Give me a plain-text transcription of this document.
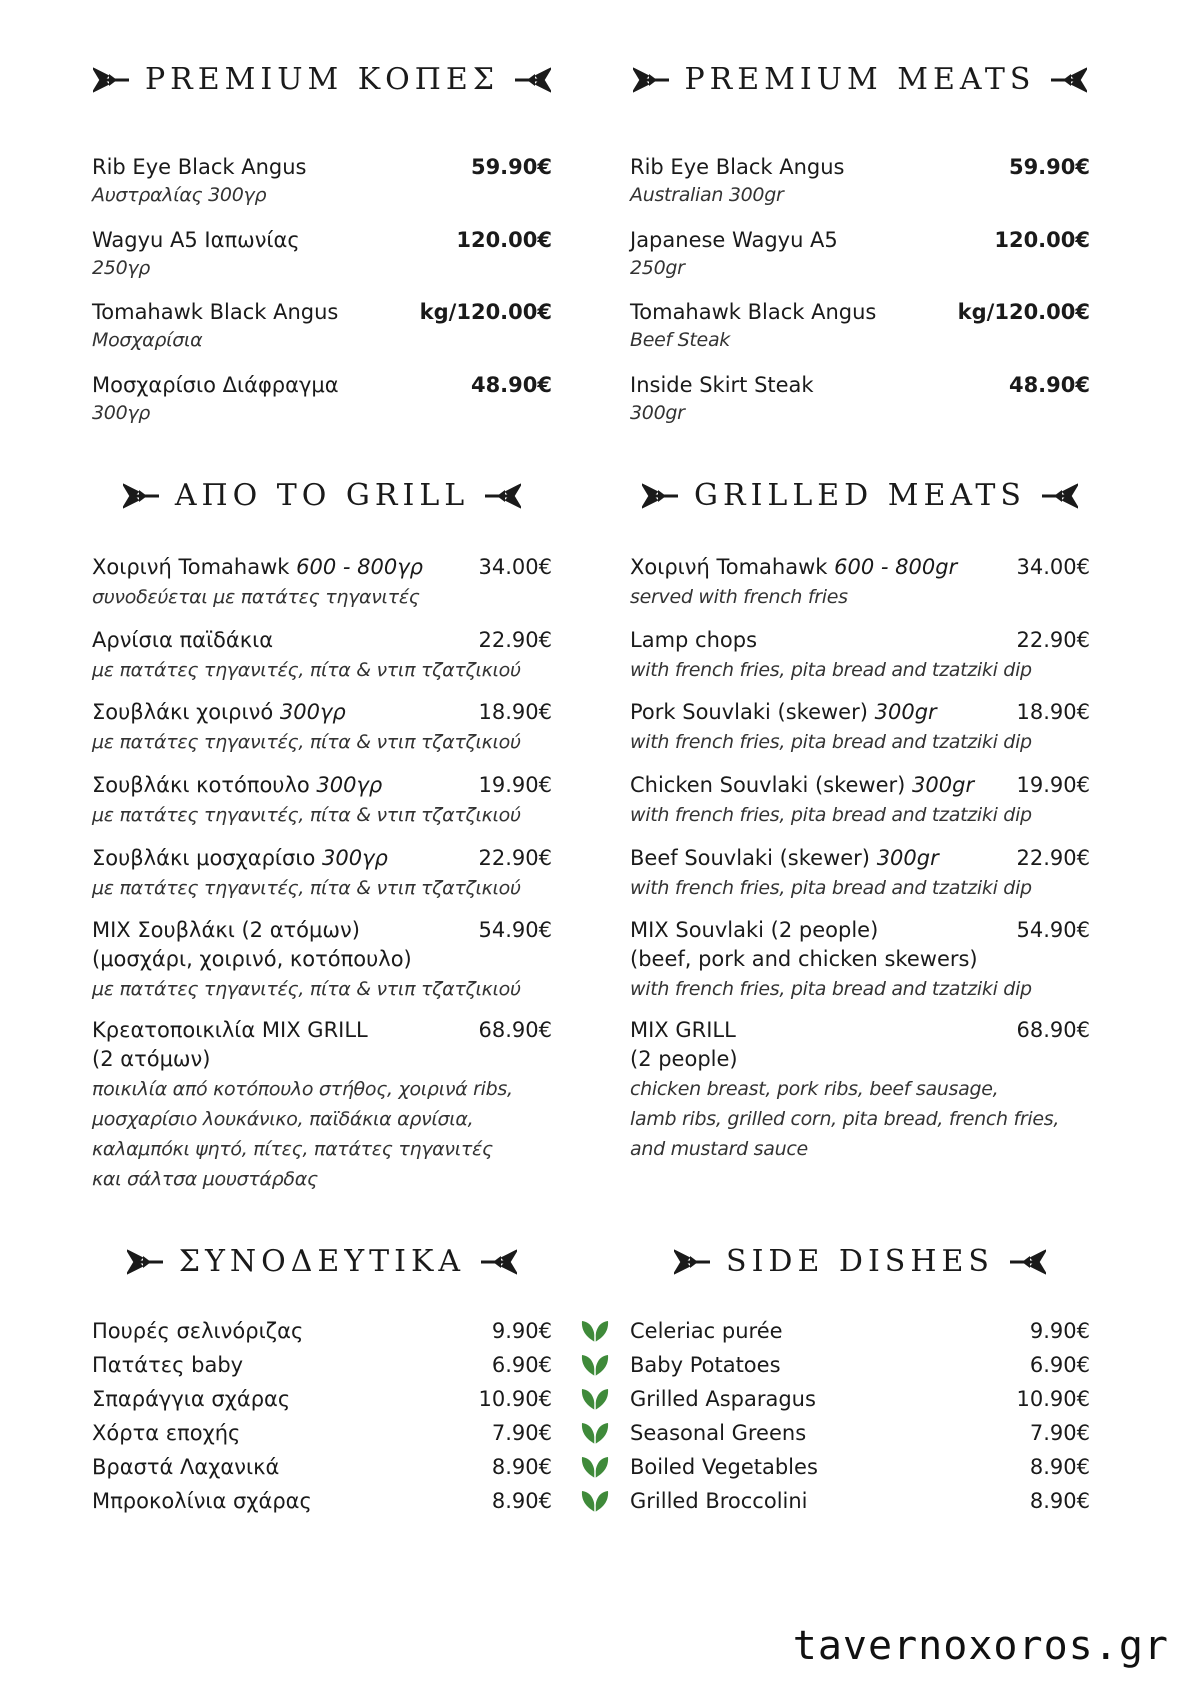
PREMIUM ΚΟΠΕΣ
Rib Eye Black Angus
Αυστραλίας 300γρ
59.90€
Wagyu A5 Ιαπωνίας
250γρ
120.00€
Tomahawk Black Angus
Μοσχαρίσια
kg/120.00€
Μοσχαρίσιο Διάφραγμα
300γρ
48.90€
ΑΠΟ ΤΟ GRILL
Χοιρινή Tomahawk 600 - 800γρ
συνοδεύεται με πατάτες τηγανιτές
34.00€
Αρνίσια παϊδάκια
με πατάτες τηγανιτές, πίτα & ντιπ τζατζικιού
22.90€
Σουβλάκι χοιρινό 300γρ
με πατάτες τηγανιτές, πίτα & ντιπ τζατζικιού
18.90€
Σουβλάκι κοτόπουλο 300γρ
με πατάτες τηγανιτές, πίτα & ντιπ τζατζικιού
19.90€
Σουβλάκι μοσχαρίσιο 300γρ
με πατάτες τηγανιτές, πίτα & ντιπ τζατζικιού
22.90€
MIX Σουβλάκι (2 ατόμων)
(μοσχάρι, χοιρινό, κοτόπουλο)
με πατάτες τηγανιτές, πίτα & ντιπ τζατζικιού
54.90€
Κρεατοποικιλία MIX GRILL
(2 ατόμων)
ποικιλία από κοτόπουλο στήθος, χοιρινά ribs,
μοσχαρίσιο λουκάνικο, παϊδάκια αρνίσια,
καλαμπόκι ψητό, πίτες, πατάτες τηγανιτές
και σάλτσα μουστάρδας
68.90€
ΣΥΝΟΔΕΥΤΙΚΑ
Πουρές σελινόριζας	9.90€
Πατάτες baby	6.90€
Σπαράγγια σχάρας	10.90€
Χόρτα εποχής	7.90€
Βραστά Λαχανικά	8.90€
Μπροκολίνια σχάρας	8.90€
PREMIUM MEATS
Rib Eye Black Angus
Australian 300gr
59.90€
Japanese Wagyu A5
250gr
120.00€
Tomahawk Black Angus
Beef Steak
kg/120.00€
Inside Skirt Steak
300gr
48.90€
GRILLED MEATS
Χοιρινή Tomahawk 600 - 800gr
served with french fries
34.00€
Lamp chops
with french fries, pita bread and tzatziki dip
22.90€
Pork Souvlaki (skewer) 300gr
with french fries, pita bread and tzatziki dip
18.90€
Chicken Souvlaki (skewer) 300gr
with french fries, pita bread and tzatziki dip
19.90€
Beef Souvlaki (skewer) 300gr
with french fries, pita bread and tzatziki dip
22.90€
MIX Souvlaki (2 people)
(beef, pork and chicken skewers)
with french fries, pita bread and tzatziki dip
54.90€
MIX GRILL
(2 people)
chicken breast, pork ribs, beef sausage,
lamb ribs, grilled corn, pita bread, french fries,
and mustard sauce
68.90€
SIDE DISHES
Celeriac purée	9.90€
Baby Potatoes	6.90€
Grilled Asparagus	10.90€
Seasonal Greens	7.90€
Boiled Vegetables	8.90€
Grilled Broccolini	8.90€
tavernoxoros.gr
